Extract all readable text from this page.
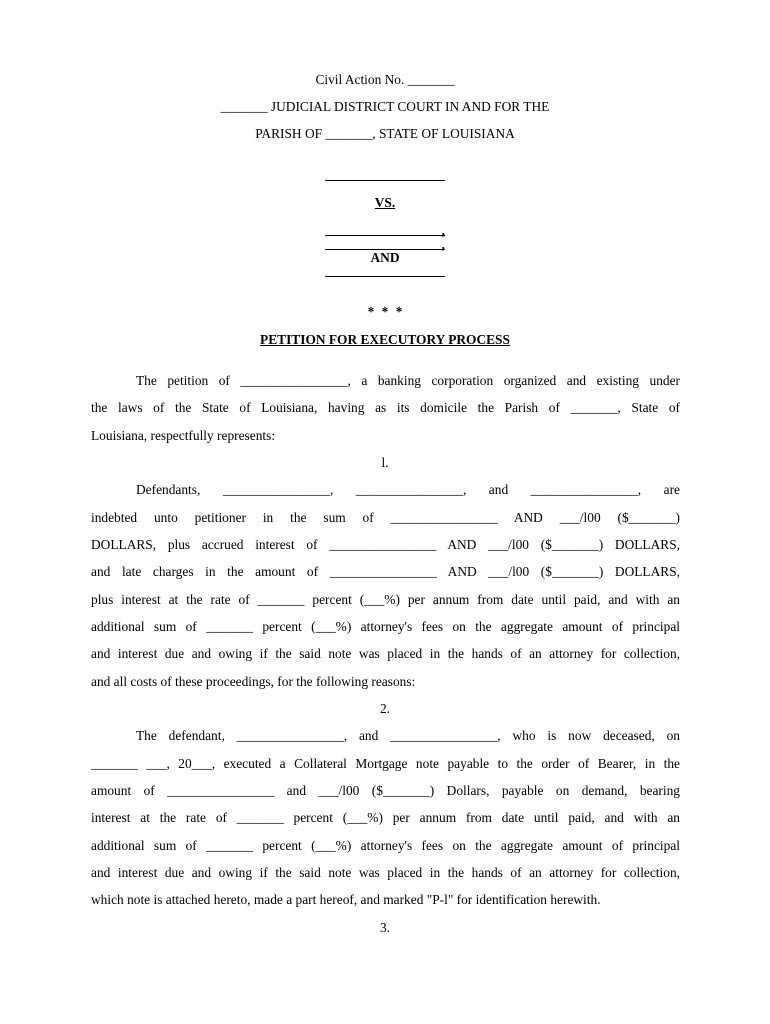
Civil Action No. _______
_______ JUDICIAL DISTRICT COURT IN AND FOR THE
PARISH OF _______, STATE OF LOUISIANA
VS.
,
,
AND
* * *
PETITION FOR EXECUTORY PROCESS
The petition of ________________, a banking corporation organized and existing under
the laws of the State of Louisiana, having as its domicile the Parish of _______, State of
Louisiana, respectfully represents:
l.
Defendants, ________________, ________________, and ________________, are
indebted unto petitioner in the sum of ________________ AND ___/l00 ($_______)
DOLLARS, plus accrued interest of ________________ AND ___/l00 ($_______) DOLLARS,
and late charges in the amount of ________________ AND ___/l00 ($_______) DOLLARS,
plus interest at the rate of _______ percent (___%) per annum from date until paid, and with an
additional sum of _______ percent (___%) attorney's fees on the aggregate amount of principal
and interest due and owing if the said note was placed in the hands of an attorney for collection,
and all costs of these proceedings, for the following reasons:
2.
The defendant, ________________, and ________________, who is now deceased, on
_______ ___, 20___, executed a Collateral Mortgage note payable to the order of Bearer, in the
amount of ________________ and ___/l00 ($_______) Dollars, payable on demand, bearing
interest at the rate of _______ percent (___%) per annum from date until paid, and with an
additional sum of _______ percent (___%) attorney's fees on the aggregate amount of principal
and interest due and owing if the said note was placed in the hands of an attorney for collection,
which note is attached hereto, made a part hereof, and marked "P-l" for identification herewith.
3.
